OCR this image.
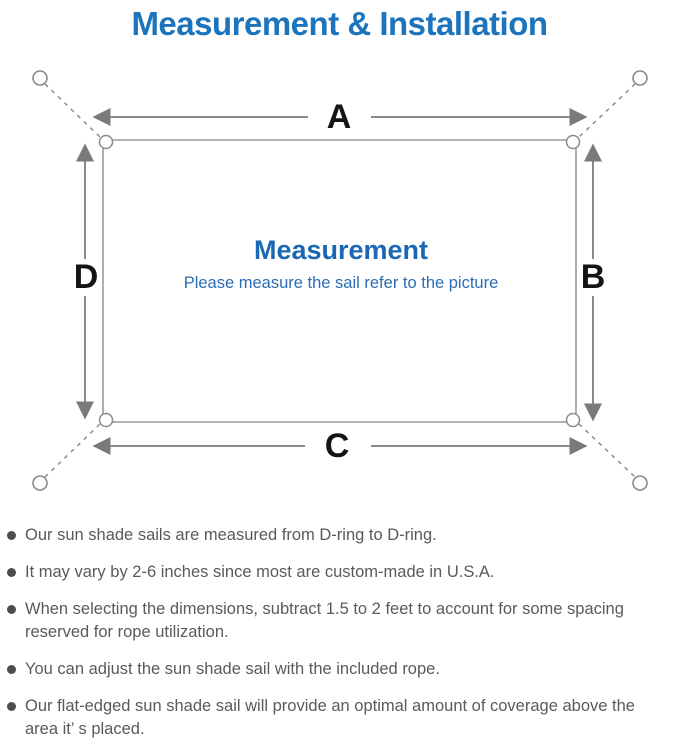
Measurement & Installation
A
C
D	B
Measurement
Please measure the sail refer to the picture
Our sun shade sails are measured from D-ring to D-ring.
It may vary by 2-6 inches since most are custom-made in U.S.A.
When selecting the dimensions, subtract 1.5 to 2 feet to account for some spacing reserved for rope utilization.
You can adjust the sun shade sail with the included rope.
Our flat-edged sun shade sail will provide an optimal amount of coverage above the area it’ s placed.
